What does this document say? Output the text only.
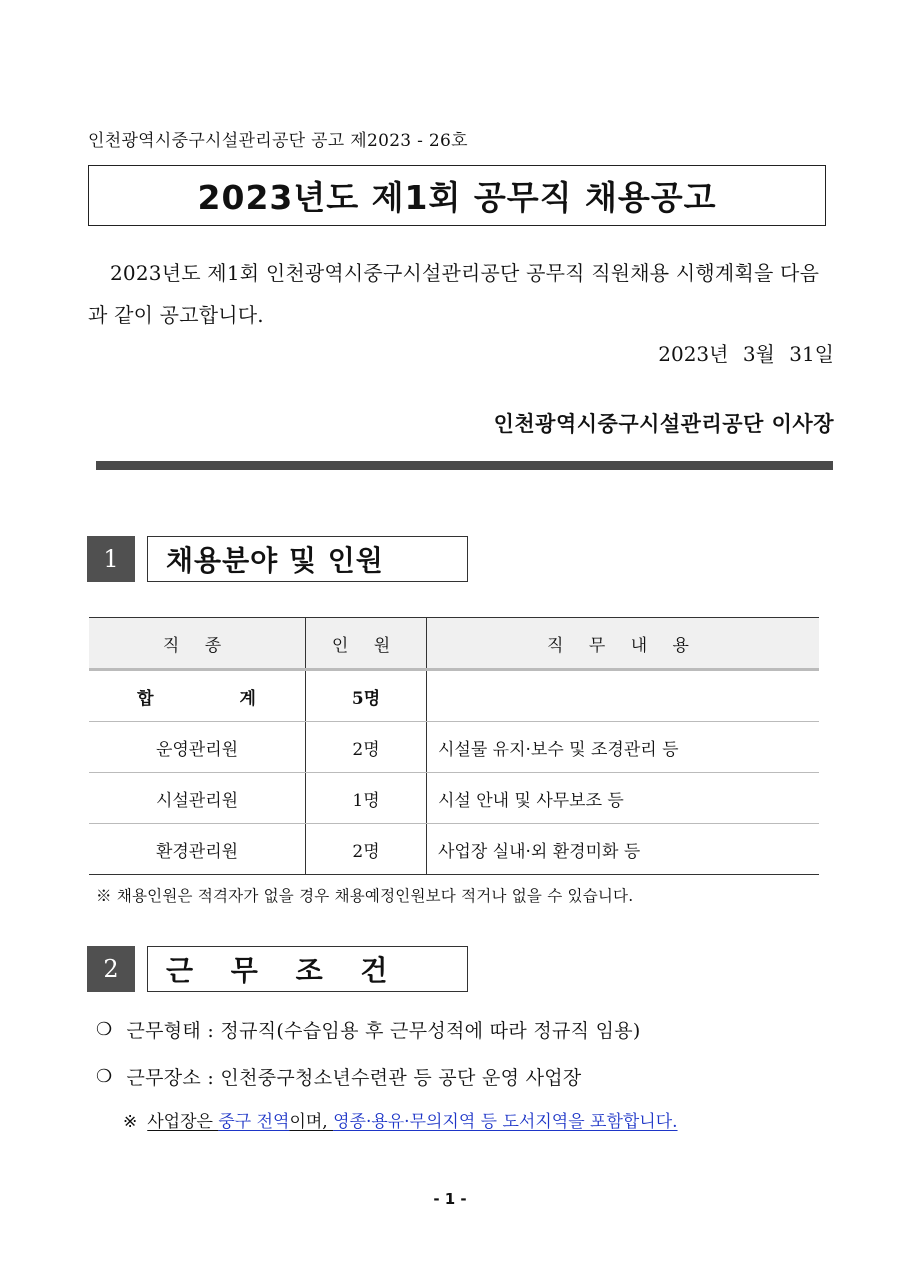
인천광역시중구시설관리공단 공고 제2023 - 26호
2023년도 제1회 공무직 채용공고
2023년도 제1회 인천광역시중구시설관리공단 공무직 직원채용 시행계획을 다음과 같이 공고합니다.
2023년 3월 31일
인천광역시중구시설관리공단 이사장
1	채용분야 및 인원
직 종	인 원	직 무 내 용
합 계	5명	
운영관리원	2명	시설물 유지·보수 및 조경관리 등
시설관리원	1명	시설 안내 및 사무보조 등
환경관리원	2명	사업장 실내·외 환경미화 등
※ 채용인원은 적격자가 없을 경우 채용예정인원보다 적거나 없을 수 있습니다.
2	근 무 조 건
❍ 근무형태 : 정규직(수습임용 후 근무성적에 따라 정규직 임용)
❍ 근무장소 : 인천중구청소년수련관 등 공단 운영 사업장
※ 사업장은 중구 전역이며, 영종·용유·무의지역 등 도서지역을 포함합니다.
- 1 -
